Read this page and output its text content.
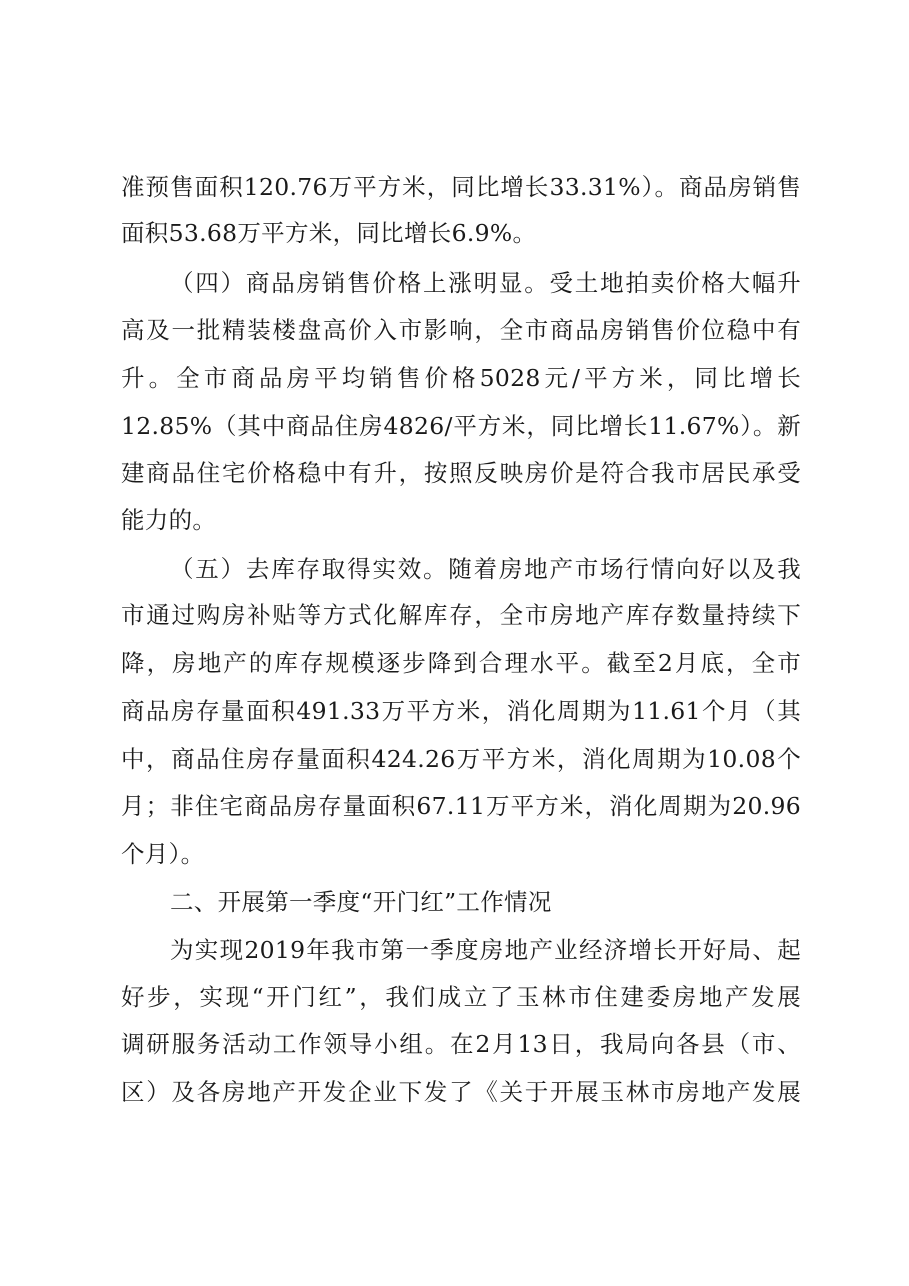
准预售面积120.76万平方米，同比增长33.31%）。商品房销售
面积53.68万平方米，同比增长6.9%。
（四）商品房销售价格上涨明显。受土地拍卖价格大幅升
高及一批精装楼盘高价入市影响，全市商品房销售价位稳中有
升。全市商品房平均销售价格5028元/平方米，同比增长
12.85%（其中商品住房4826/平方米，同比增长11.67%）。新
建商品住宅价格稳中有升，按照反映房价是符合我市居民承受
能力的。
（五）去库存取得实效。随着房地产市场行情向好以及我
市通过购房补贴等方式化解库存，全市房地产库存数量持续下
降，房地产的库存规模逐步降到合理水平。截至2月底，全市
商品房存量面积491.33万平方米，消化周期为11.61个月（其
中，商品住房存量面积424.26万平方米，消化周期为10.08个
月；非住宅商品房存量面积67.11万平方米，消化周期为20.96
个月）。
二、开展第一季度“开门红”工作情况
为实现2019年我市第一季度房地产业经济增长开好局、起
好步，实现“开门红”，我们成立了玉林市住建委房地产发展
调研服务活动工作领导小组。在2月13日，我局向各县（市、
区）及各房地产开发企业下发了《关于开展玉林市房地产发展
